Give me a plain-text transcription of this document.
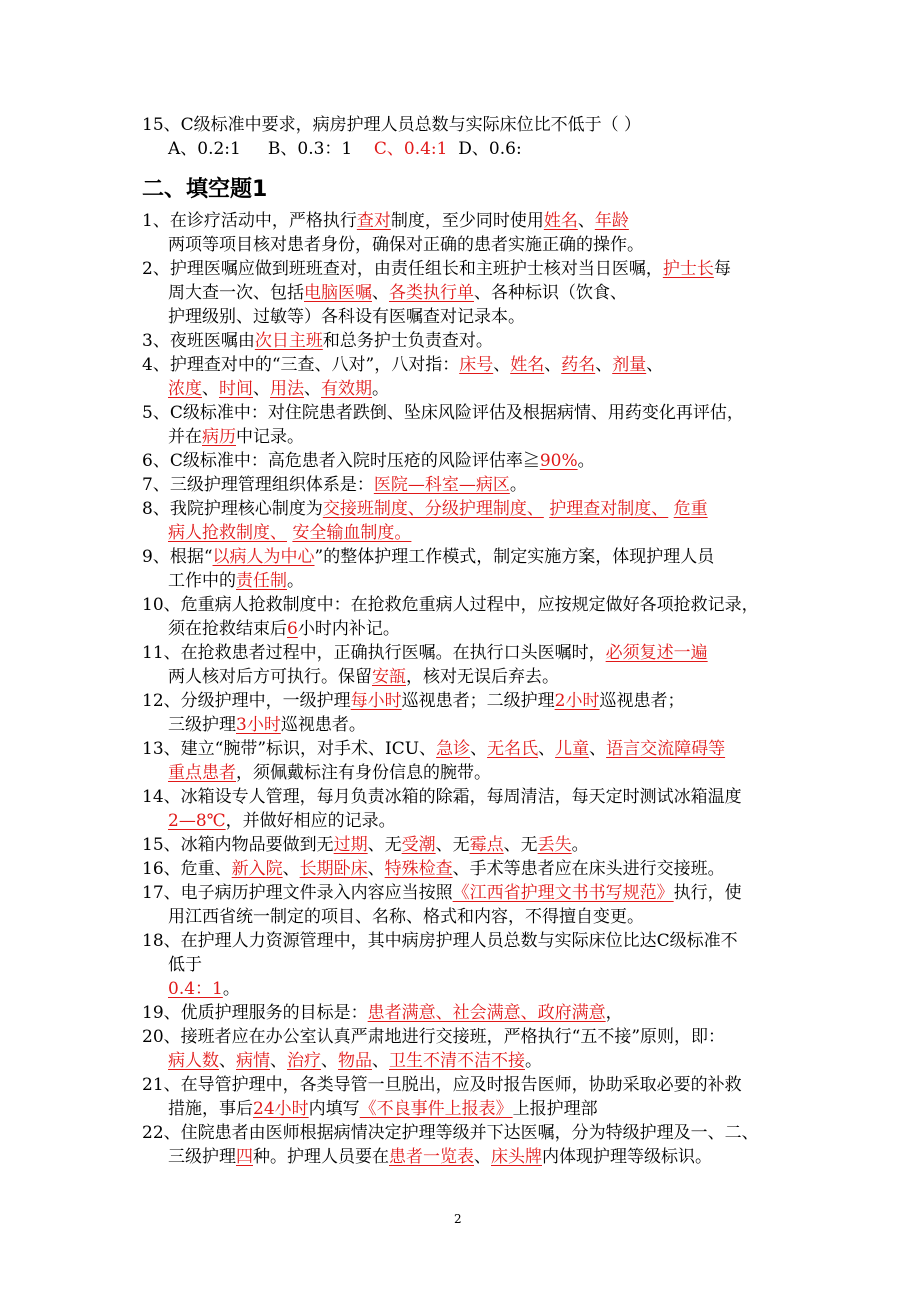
15、C级标准中要求，病房护理人员总数与实际床位比不低于（ ）
A、0.2:1 B、0.3：1 C、0.4:1 D、0.6:
二、填空题1
1、在诊疗活动中，严格执行查对制度，至少同时使用姓名、年龄
两项等项目核对患者身份，确保对正确的患者实施正确的操作。
2、护理医嘱应做到班班查对，由责任组长和主班护士核对当日医嘱，护士长每
周大查一次、包括电脑医嘱、各类执行单、各种标识（饮食、
护理级别、过敏等）各科设有医嘱查对记录本。
3、夜班医嘱由次日主班和总务护士负责查对。
4、护理查对中的“三查、八对”，八对指：床号、姓名、药名、剂量、
浓度、时间、用法、有效期。
5、C级标准中：对住院患者跌倒、坠床风险评估及根据病情、用药变化再评估，
并在病历中记录。
6、C级标准中：高危患者入院时压疮的风险评估率≧90%。
7、三级护理管理组织体系是：医院—科室—病区。
8、我院护理核心制度为交接班制度、分级护理制度、 护理查对制度、 危重
病人抢救制度、 安全输血制度。
9、根据“以病人为中心”的整体护理工作模式，制定实施方案，体现护理人员
工作中的责任制。
10、危重病人抢救制度中：在抢救危重病人过程中，应按规定做好各项抢救记录，
须在抢救结束后6小时内补记。
11、在抢救患者过程中，正确执行医嘱。在执行口头医嘱时，必须复述一遍
两人核对后方可执行。保留安瓿，核对无误后弃去。
12、分级护理中，一级护理每小时巡视患者；二级护理2小时巡视患者；
三级护理3小时巡视患者。
13、建立“腕带”标识，对手术、ICU、急诊、无名氏、儿童、语言交流障碍等
重点患者，须佩戴标注有身份信息的腕带。
14、冰箱设专人管理，每月负责冰箱的除霜，每周清洁，每天定时测试冰箱温度
2—8℃，并做好相应的记录。
15、冰箱内物品要做到无过期、无受潮、无霉点、无丢失。
16、危重、新入院、长期卧床、特殊检查、手术等患者应在床头进行交接班。
17、电子病历护理文件录入内容应当按照《江西省护理文书书写规范》执行，使
用江西省统一制定的项目、名称、格式和内容，不得擅自变更。
18、在护理人力资源管理中，其中病房护理人员总数与实际床位比达C级标准不
低于
0.4：1。
19、优质护理服务的目标是：患者满意、社会满意、政府满意，
20、接班者应在办公室认真严肃地进行交接班，严格执行“五不接”原则，即：
病人数、病情、治疗、物品、卫生不清不洁不接。
21、在导管护理中，各类导管一旦脱出，应及时报告医师，协助采取必要的补救
措施，事后24小时内填写《不良事件上报表》上报护理部
22、住院患者由医师根据病情决定护理等级并下达医嘱，分为特级护理及一、二、
三级护理四种。护理人员要在患者一览表、床头牌内体现护理等级标识。
2
